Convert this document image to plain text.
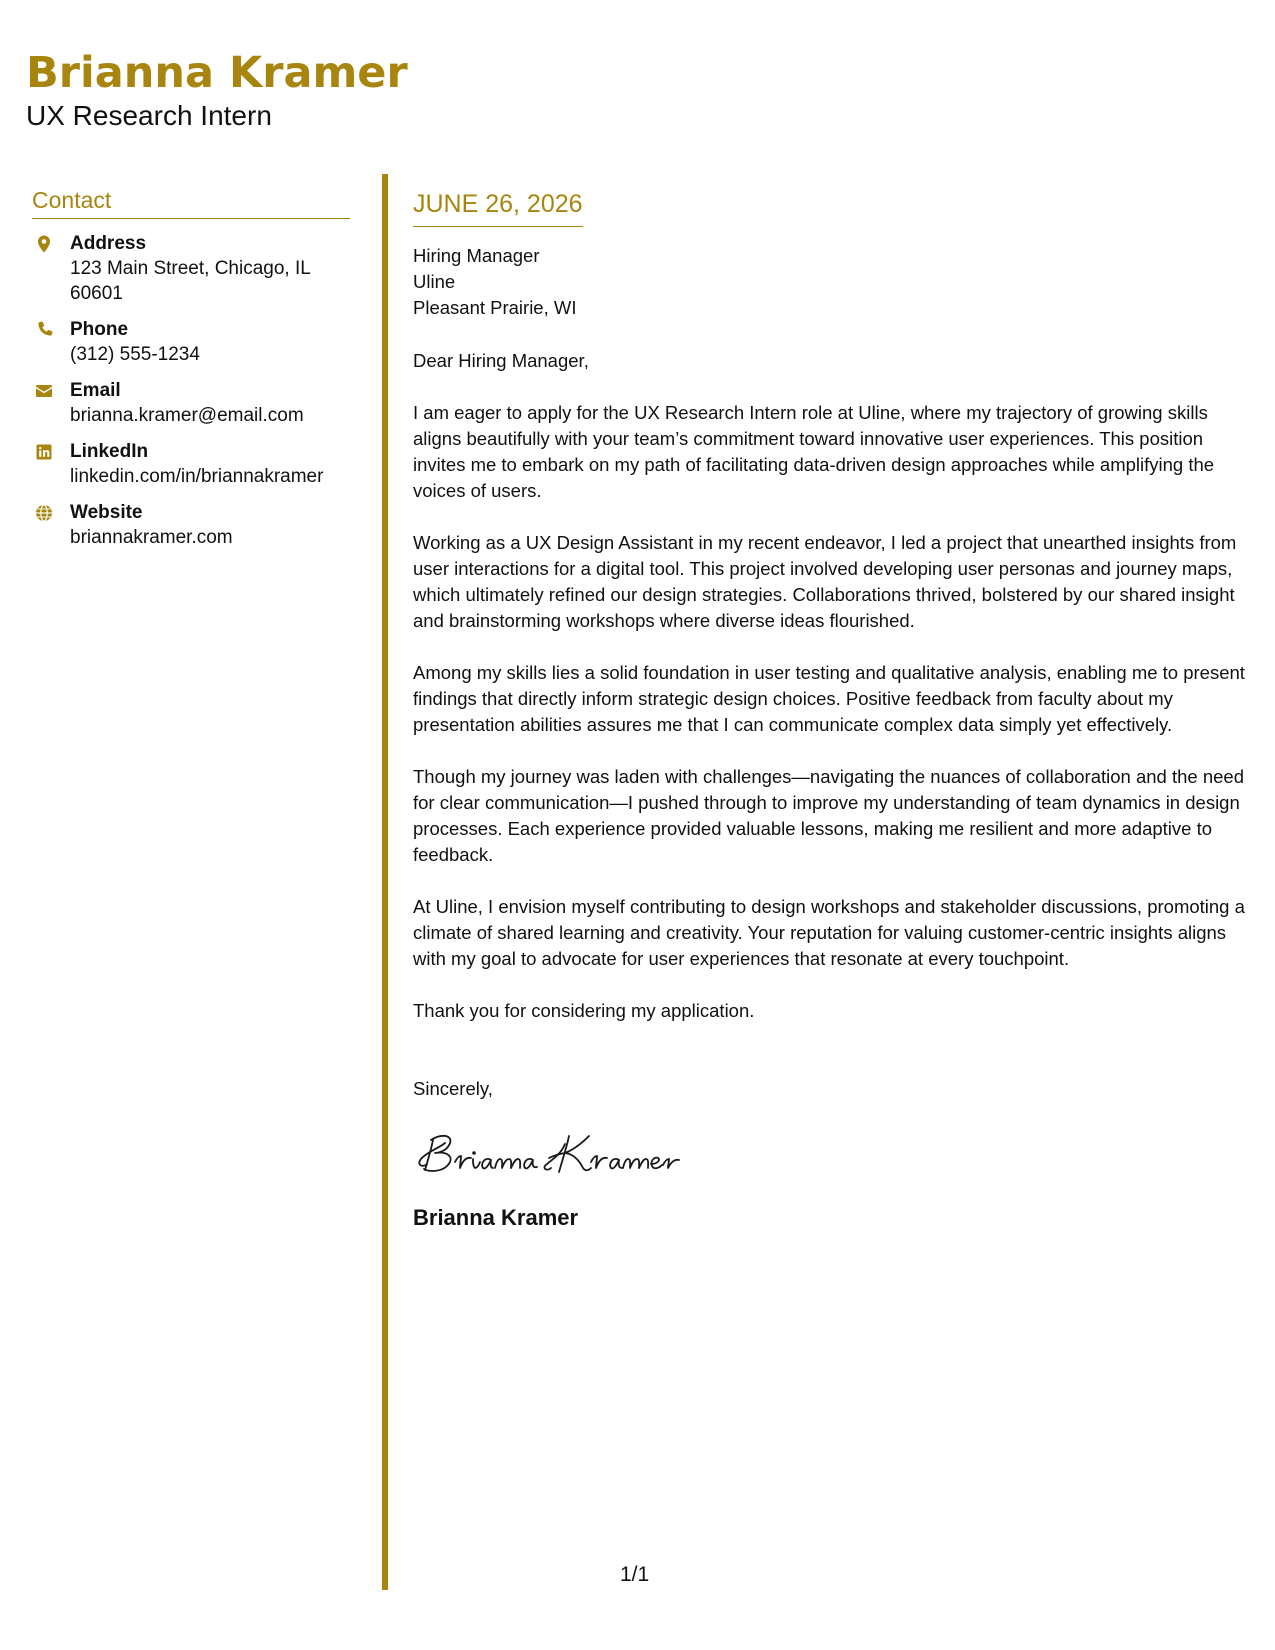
Brianna Kramer
UX Research Intern
Contact
Address
123 Main Street, Chicago, IL 60601
Phone
(312) 555-1234
Email
brianna.kramer@email.com
LinkedIn
linkedin.com/in/briannakramer
Website
briannakramer.com
JUNE 26, 2026
Hiring Manager
Uline
Pleasant Prairie, WI
Dear Hiring Manager,

I am eager to apply for the UX Research Intern role at Uline, where my trajectory of growing skills aligns beautifully with your team’s commitment toward innovative user experiences. This position invites me to embark on my path of facilitating data-driven design approaches while amplifying the voices of users.

Working as a UX Design Assistant in my recent endeavor, I led a project that unearthed insights from user interactions for a digital tool. This project involved developing user personas and journey maps, which ultimately refined our design strategies. Collaborations thrived, bolstered by our shared insight and brainstorming workshops where diverse ideas flourished.

Among my skills lies a solid foundation in user testing and qualitative analysis, enabling me to present findings that directly inform strategic design choices. Positive feedback from faculty about my presentation abilities assures me that I can communicate complex data simply yet effectively.

Though my journey was laden with challenges—navigating the nuances of collaboration and the need for clear communication—I pushed through to improve my understanding of team dynamics in design processes. Each experience provided valuable lessons, making me resilient and more adaptive to feedback.

At Uline, I envision myself contributing to design workshops and stakeholder discussions, promoting a climate of shared learning and creativity. Your reputation for valuing customer-centric insights aligns with my goal to advocate for user experiences that resonate at every touchpoint.

Thank you for considering my application.

Sincerely,
Brianna Kramer
1/1
